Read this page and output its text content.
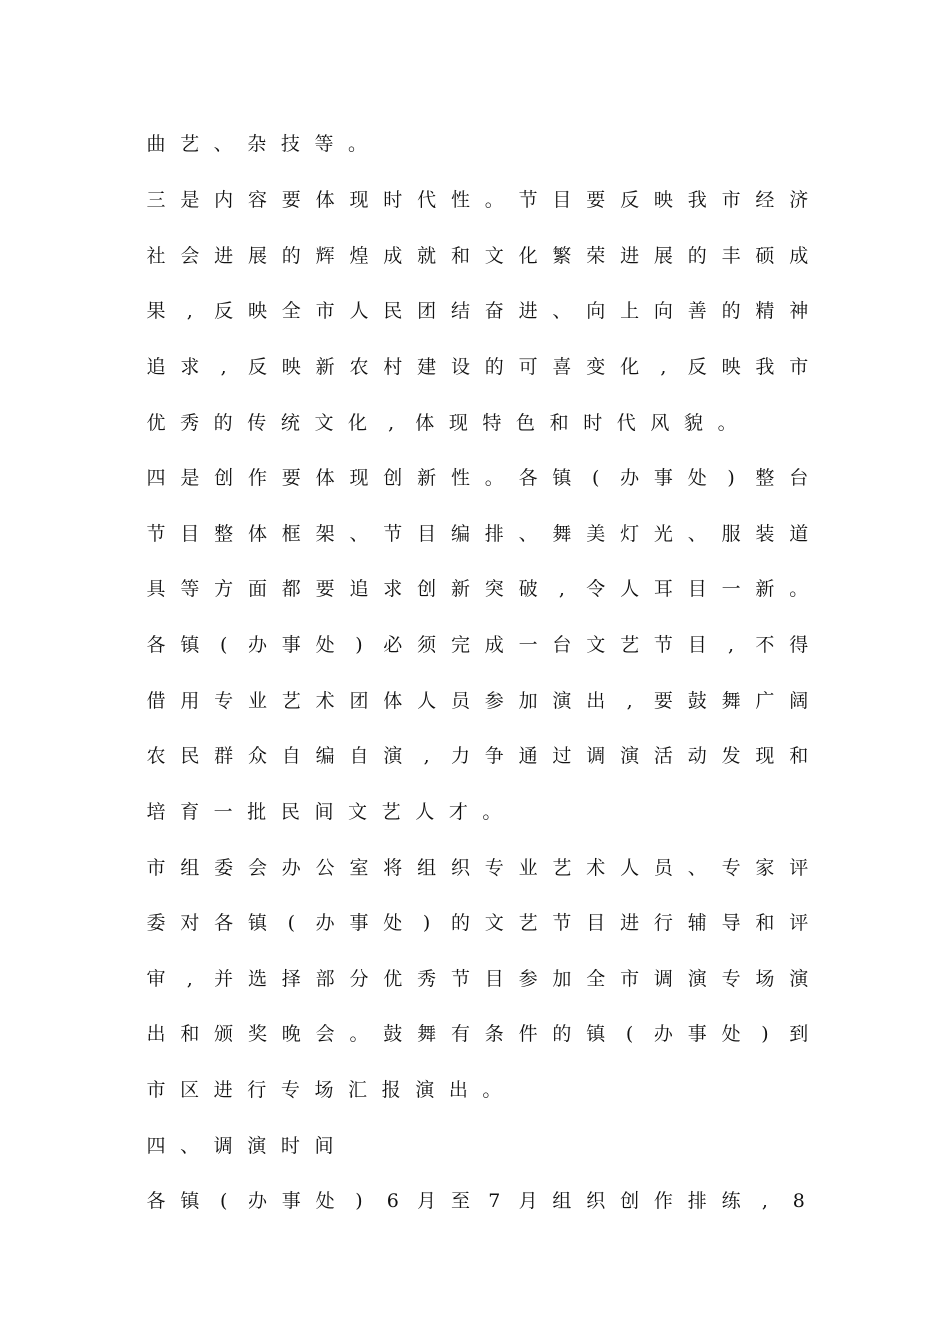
曲 艺 、 杂 技 等 。
三 是 内 容 要 体 现 时 代 性 。 节 目 要 反 映 我 市 经 济
社 会 进 展 的 辉 煌 成 就 和 文 化 繁 荣 进 展 的 丰 硕 成
果	,	反 映 全 市 人 民 团 结 奋 进 、 向 上 向 善 的 精 神
追 求	,	反 映 新 农 村 建 设 的 可 喜 变 化	,	反 映 我 市
优 秀 的 传 统 文 化	,	体 现 特 色 和 时 代 风 貌 。
四 是 创 作 要 体 现 创 新 性 。 各 镇	(	办 事 处	)	整 台
节 目 整 体 框 架 、 节 目 编 排 、 舞 美 灯 光 、 服 装 道
具 等 方 面 都 要 追 求 创 新 突 破	,	令 人 耳 目 一 新 。
各 镇	(	办 事 处	)	必 须 完 成 一 台 文 艺 节 目	,	不 得
借 用 专 业 艺 术 团 体 人 员 参 加 演 出	,	要 鼓 舞 广 阔
农 民 群 众 自 编 自 演	,	力 争 通 过 调 演 活 动 发 现 和
培 育 一 批 民 间 文 艺 人 才 。
市 组 委 会 办 公 室 将 组 织 专 业 艺 术 人 员 、 专 家 评
委 对 各 镇	(	办 事 处	)	的 文 艺 节 目 进 行 辅 导 和 评
审	,	并 选 择 部 分 优 秀 节 目 参 加 全 市 调 演 专 场 演
出 和 颁 奖 晚 会 。 鼓 舞 有 条 件 的 镇	(	办 事 处	)	到
市 区 进 行 专 场 汇 报 演 出 。
四 、 调 演 时 间
各 镇	(	办 事 处	)	6 月 至 7 月 组 织 创 作 排 练	,	8
